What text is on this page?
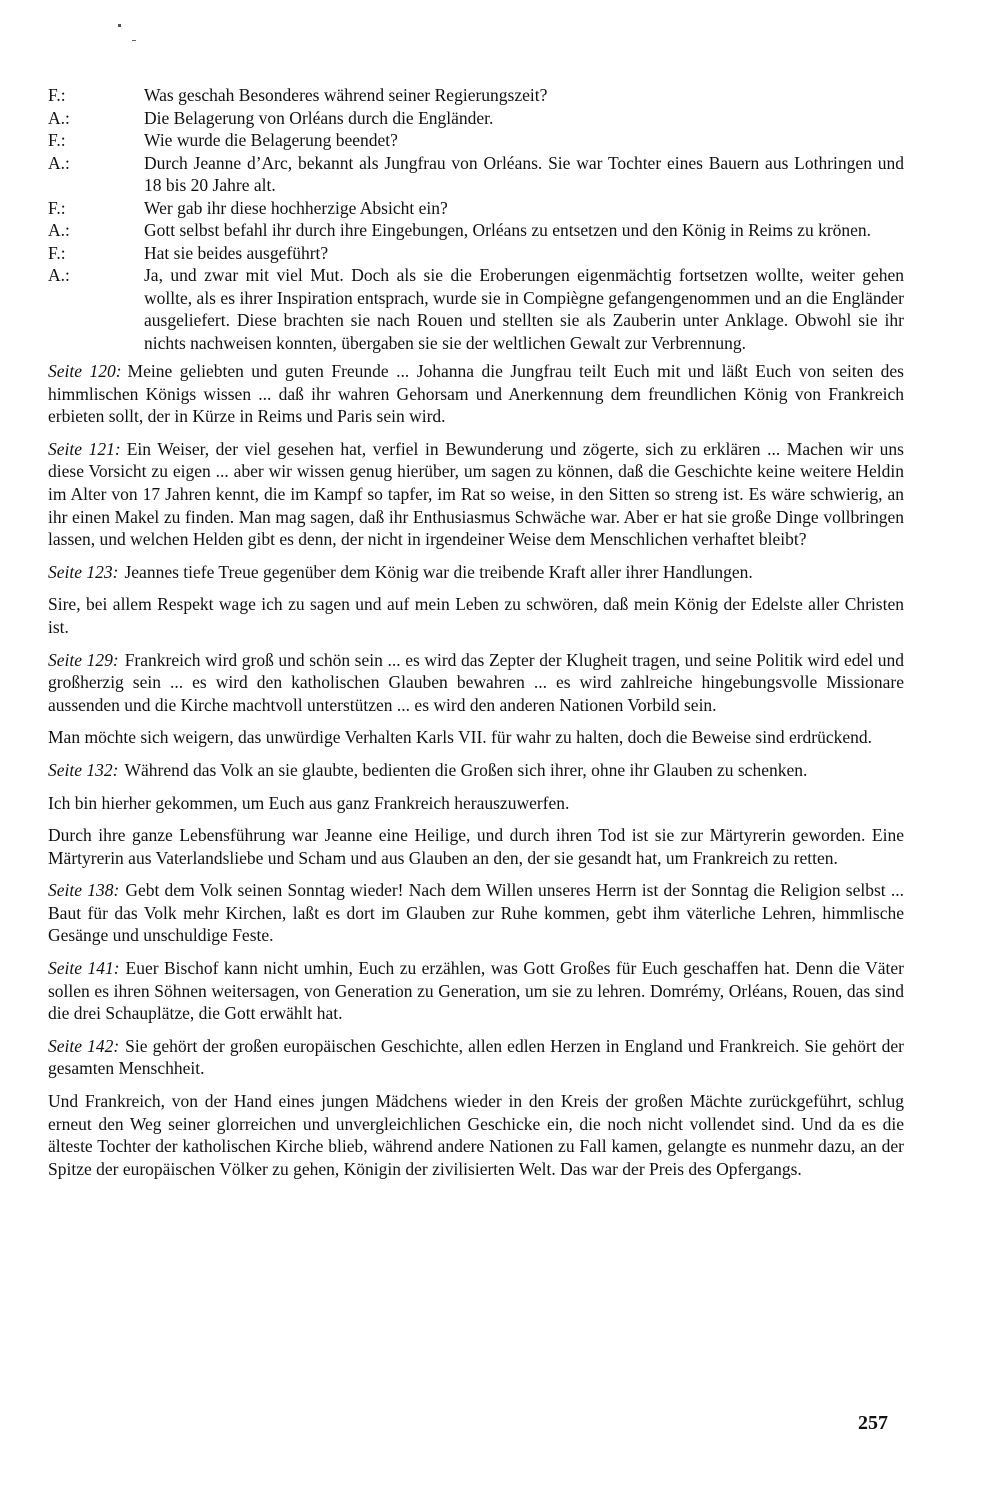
F.:	Was geschah Besonderes während seiner Regierungszeit?
A.:	Die Belagerung von Orléans durch die Engländer.
F.:	Wie wurde die Belagerung beendet?
A.:	Durch Jeanne d’Arc, bekannt als Jungfrau von Orléans. Sie war Tochter eines Bauern aus Lothringen und 18 bis 20 Jahre alt.
F.:	Wer gab ihr diese hochherzige Absicht ein?
A.:	Gott selbst befahl ihr durch ihre Eingebungen, Orléans zu entsetzen und den König in Reims zu krönen.
F.:	Hat sie beides ausgeführt?
A.:	Ja, und zwar mit viel Mut. Doch als sie die Eroberungen eigenmächtig fortsetzen wollte, weiter gehen wollte, als es ihrer Inspiration entsprach, wurde sie in Compiègne gefangengenommen und an die Engländer ausgeliefert. Diese brachten sie nach Rouen und stellten sie als Zauberin unter Anklage. Obwohl sie ihr nichts nachweisen konnten, übergaben sie sie der weltlichen Gewalt zur Verbrennung.

Seite 120: Meine geliebten und guten Freunde ... Johanna die Jungfrau teilt Euch mit und läßt Euch von seiten des himmlischen Königs wissen ... daß ihr wahren Gehorsam und Anerkennung dem freundlichen König von Frankreich erbieten sollt, der in Kürze in Reims und Paris sein wird.

Seite 121: Ein Weiser, der viel gesehen hat, verfiel in Bewunderung und zögerte, sich zu erklären ... Machen wir uns diese Vorsicht zu eigen ... aber wir wissen genug hierüber, um sagen zu können, daß die Geschichte keine weitere Heldin im Alter von 17 Jahren kennt, die im Kampf so tapfer, im Rat so weise, in den Sitten so streng ist. Es wäre schwierig, an ihr einen Makel zu finden. Man mag sagen, daß ihr Enthusiasmus Schwäche war. Aber er hat sie große Dinge vollbringen lassen, und welchen Helden gibt es denn, der nicht in irgendeiner Weise dem Menschlichen verhaftet bleibt?

Seite 123: Jeannes tiefe Treue gegenüber dem König war die treibende Kraft aller ihrer Handlungen.

Sire, bei allem Respekt wage ich zu sagen und auf mein Leben zu schwören, daß mein König der Edelste aller Christen ist.

Seite 129: Frankreich wird groß und schön sein ... es wird das Zepter der Klugheit tragen, und seine Politik wird edel und großherzig sein ... es wird den katholischen Glauben bewahren ... es wird zahlreiche hingebungsvolle Missionare aussenden und die Kirche machtvoll unterstützen ... es wird den anderen Nationen Vorbild sein.

Man möchte sich weigern, das unwürdige Verhalten Karls VII. für wahr zu halten, doch die Beweise sind erdrückend.

Seite 132: Während das Volk an sie glaubte, bedienten die Großen sich ihrer, ohne ihr Glauben zu schenken.

Ich bin hierher gekommen, um Euch aus ganz Frankreich herauszuwerfen.

Durch ihre ganze Lebensführung war Jeanne eine Heilige, und durch ihren Tod ist sie zur Märtyrerin geworden. Eine Märtyrerin aus Vaterlandsliebe und Scham und aus Glauben an den, der sie gesandt hat, um Frankreich zu retten.

Seite 138: Gebt dem Volk seinen Sonntag wieder! Nach dem Willen unseres Herrn ist der Sonntag die Religion selbst ... Baut für das Volk mehr Kirchen, laßt es dort im Glauben zur Ruhe kommen, gebt ihm väterliche Lehren, himmlische Gesänge und unschuldige Feste.

Seite 141: Euer Bischof kann nicht umhin, Euch zu erzählen, was Gott Großes für Euch geschaffen hat. Denn die Väter sollen es ihren Söhnen weitersagen, von Generation zu Generation, um sie zu lehren. Domrémy, Orléans, Rouen, das sind die drei Schauplätze, die Gott erwählt hat.

Seite 142: Sie gehört der großen europäischen Geschichte, allen edlen Herzen in England und Frankreich. Sie gehört der gesamten Menschheit.

Und Frankreich, von der Hand eines jungen Mädchens wieder in den Kreis der großen Mächte zurückgeführt, schlug erneut den Weg seiner glorreichen und unvergleichlichen Geschicke ein, die noch nicht vollendet sind. Und da es die älteste Tochter der katholischen Kirche blieb, während andere Nationen zu Fall kamen, gelangte es nunmehr dazu, an der Spitze der europäischen Völker zu gehen, Königin der zivilisierten Welt. Das war der Preis des Opfergangs.

257
